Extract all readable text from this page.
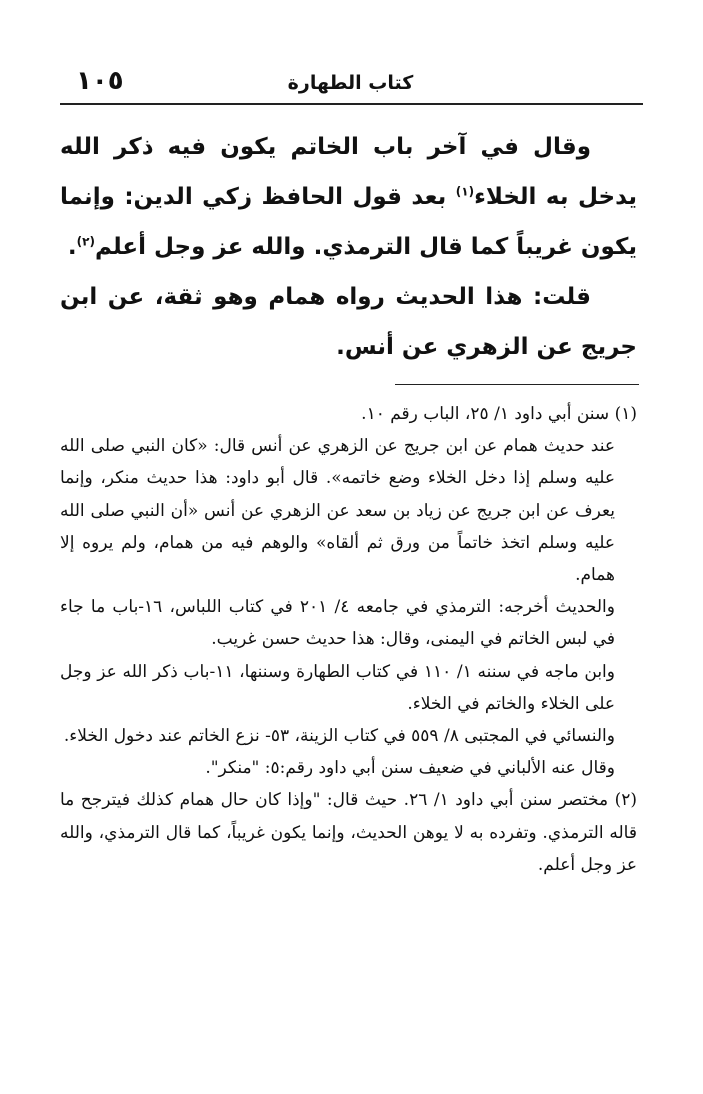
١٠٥	كتاب الطهارة

وقال في آخر باب الخاتم يكون فيه ذكر الله يدخل به الخلاء$^{(١)}$ بعد قول الحافظ زكي الدين: وإنما يكون غريباً كما قال الترمذي. والله عز وجل أعلم$^{(٢)}$.

قلت: هذا الحديث رواه همام وهو ثقة، عن ابن جريج عن الزهري عن أنس.

(١) سنن أبي داود ١/ ٢٥، الباب رقم ١٠.

عند حديث همام عن ابن جريج عن الزهري عن أنس قال: «كان النبي صلى الله عليه وسلم إذا دخل الخلاء وضع خاتمه». قال أبو داود: هذا حديث منكر، وإنما يعرف عن ابن جريج عن زياد بن سعد عن الزهري عن أنس «أن النبي صلى الله عليه وسلم اتخذ خاتماً من ورق ثم ألقاه» والوهم فيه من همام، ولم يروه إلا همام.

والحديث أخرجه: الترمذي في جامعه ٤/ ٢٠١ في كتاب اللباس، ١٦-باب ما جاء في لبس الخاتم في اليمنى، وقال: هذا حديث حسن غريب.

وابن ماجه في سننه ١/ ١١٠ في كتاب الطهارة وسننها، ١١-باب ذكر الله عز وجل على الخلاء والخاتم في الخلاء.

والنسائي في المجتبى ٨/ ٥٥٩ في كتاب الزينة، ٥٣- نزع الخاتم عند دخول الخلاء.

وقال عنه الألباني في ضعيف سنن أبي داود رقم:٥: "منكر".

(٢) مختصر سنن أبي داود ١/ ٢٦. حيث قال: "وإذا كان حال همام كذلك فيترجح ما قاله الترمذي. وتفرده به لا يوهن الحديث، وإنما يكون غريباً، كما قال الترمذي، والله عز وجل أعلم.
